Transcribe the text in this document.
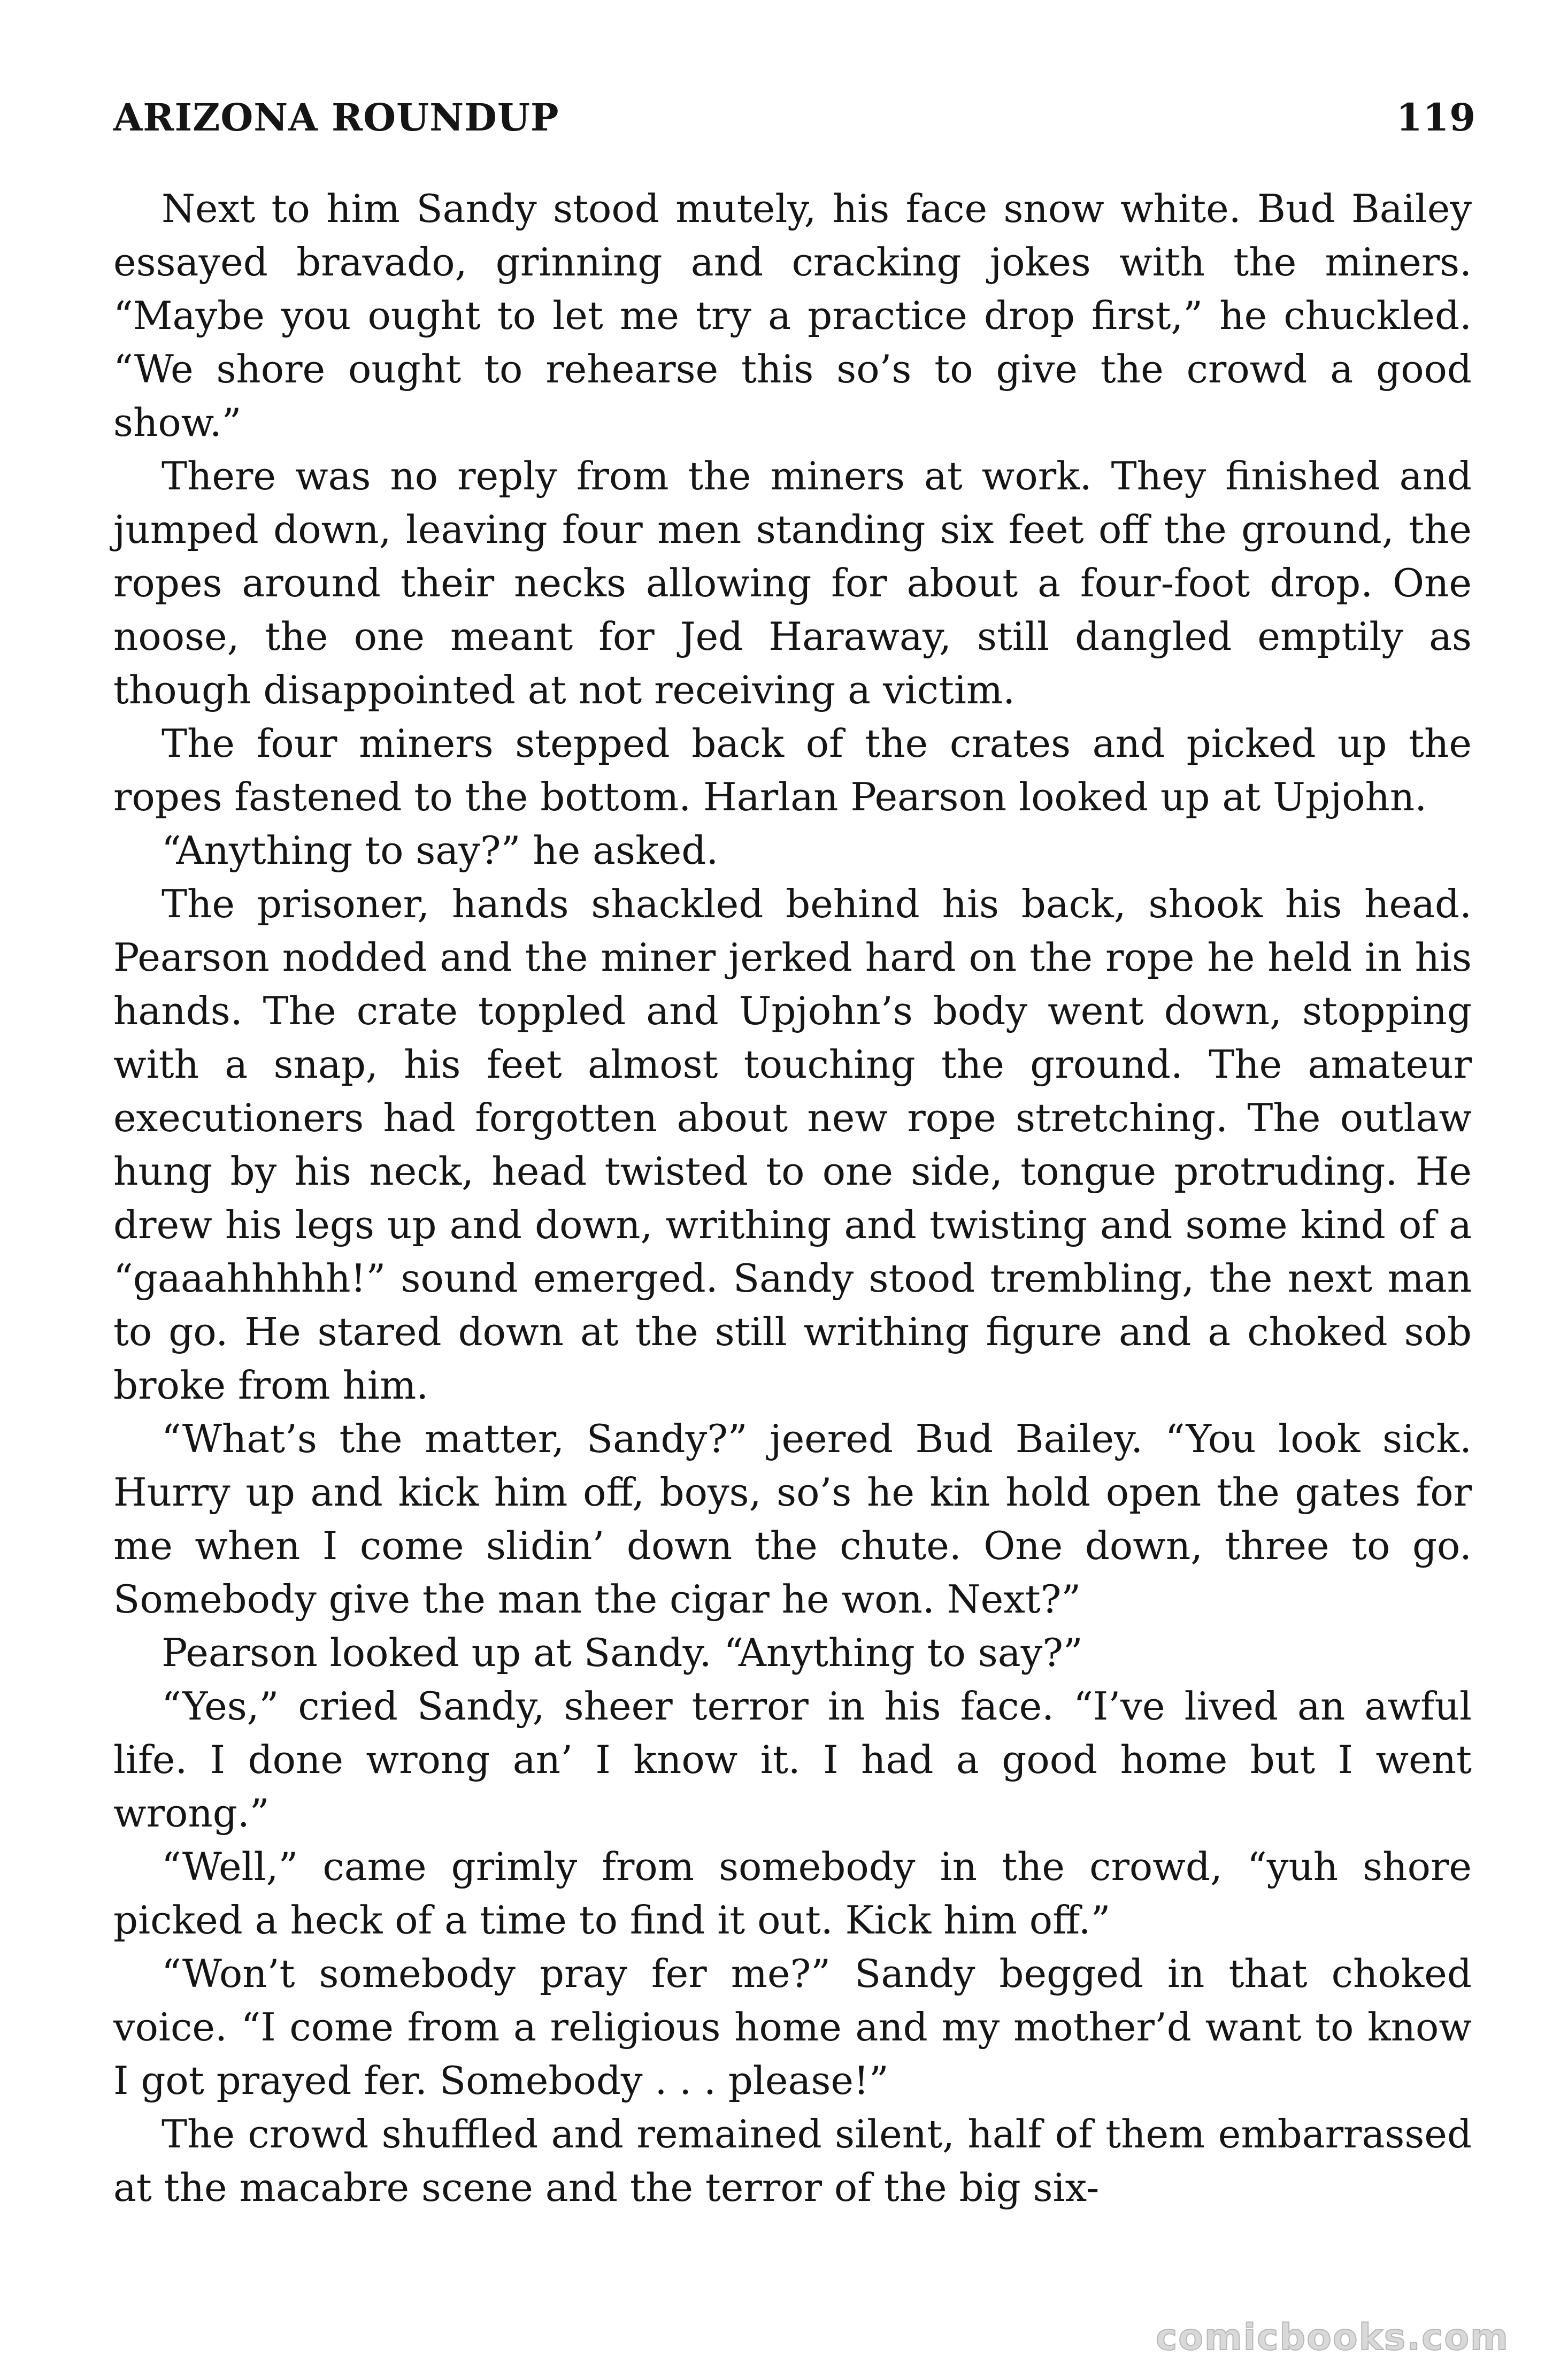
ARIZONA ROUNDUP	119

Next to him Sandy stood mutely, his face snow white. Bud Bailey essayed bravado, grinning and cracking jokes with the miners. “Maybe you ought to let me try a practice drop first,” he chuckled. “We shore ought to rehearse this so’s to give the crowd a good show.”

There was no reply from the miners at work. They finished and jumped down, leaving four men standing six feet off the ground, the ropes around their necks allowing for about a four-foot drop. One noose, the one meant for Jed Haraway, still dangled emptily as though disappointed at not receiving a victim.

The four miners stepped back of the crates and picked up the ropes fastened to the bottom. Harlan Pearson looked up at Upjohn.

“Anything to say?” he asked.

The prisoner, hands shackled behind his back, shook his head. Pearson nodded and the miner jerked hard on the rope he held in his hands. The crate toppled and Upjohn’s body went down, stopping with a snap, his feet almost touching the ground. The amateur executioners had forgotten about new rope stretching. The outlaw hung by his neck, head twisted to one side, tongue protruding. He drew his legs up and down, writhing and twisting and some kind of a “gaaahhhhh!” sound emerged. Sandy stood trembling, the next man to go. He stared down at the still writhing figure and a choked sob broke from him.

“What’s the matter, Sandy?” jeered Bud Bailey. “You look sick. Hurry up and kick him off, boys, so’s he kin hold open the gates for me when I come slidin’ down the chute. One down, three to go. Somebody give the man the cigar he won. Next?”

Pearson looked up at Sandy. “Anything to say?”

“Yes,” cried Sandy, sheer terror in his face. “I’ve lived an awful life. I done wrong an’ I know it. I had a good home but I went wrong.”

“Well,” came grimly from somebody in the crowd, “yuh shore picked a heck of a time to find it out. Kick him off.”

“Won’t somebody pray fer me?” Sandy begged in that choked voice. “I come from a religious home and my mother’d want to know I got prayed fer. Somebody . . . please!”

The crowd shuffled and remained silent, half of them embarrassed at the macabre scene and the terror of the big six-

comicbooks.com
